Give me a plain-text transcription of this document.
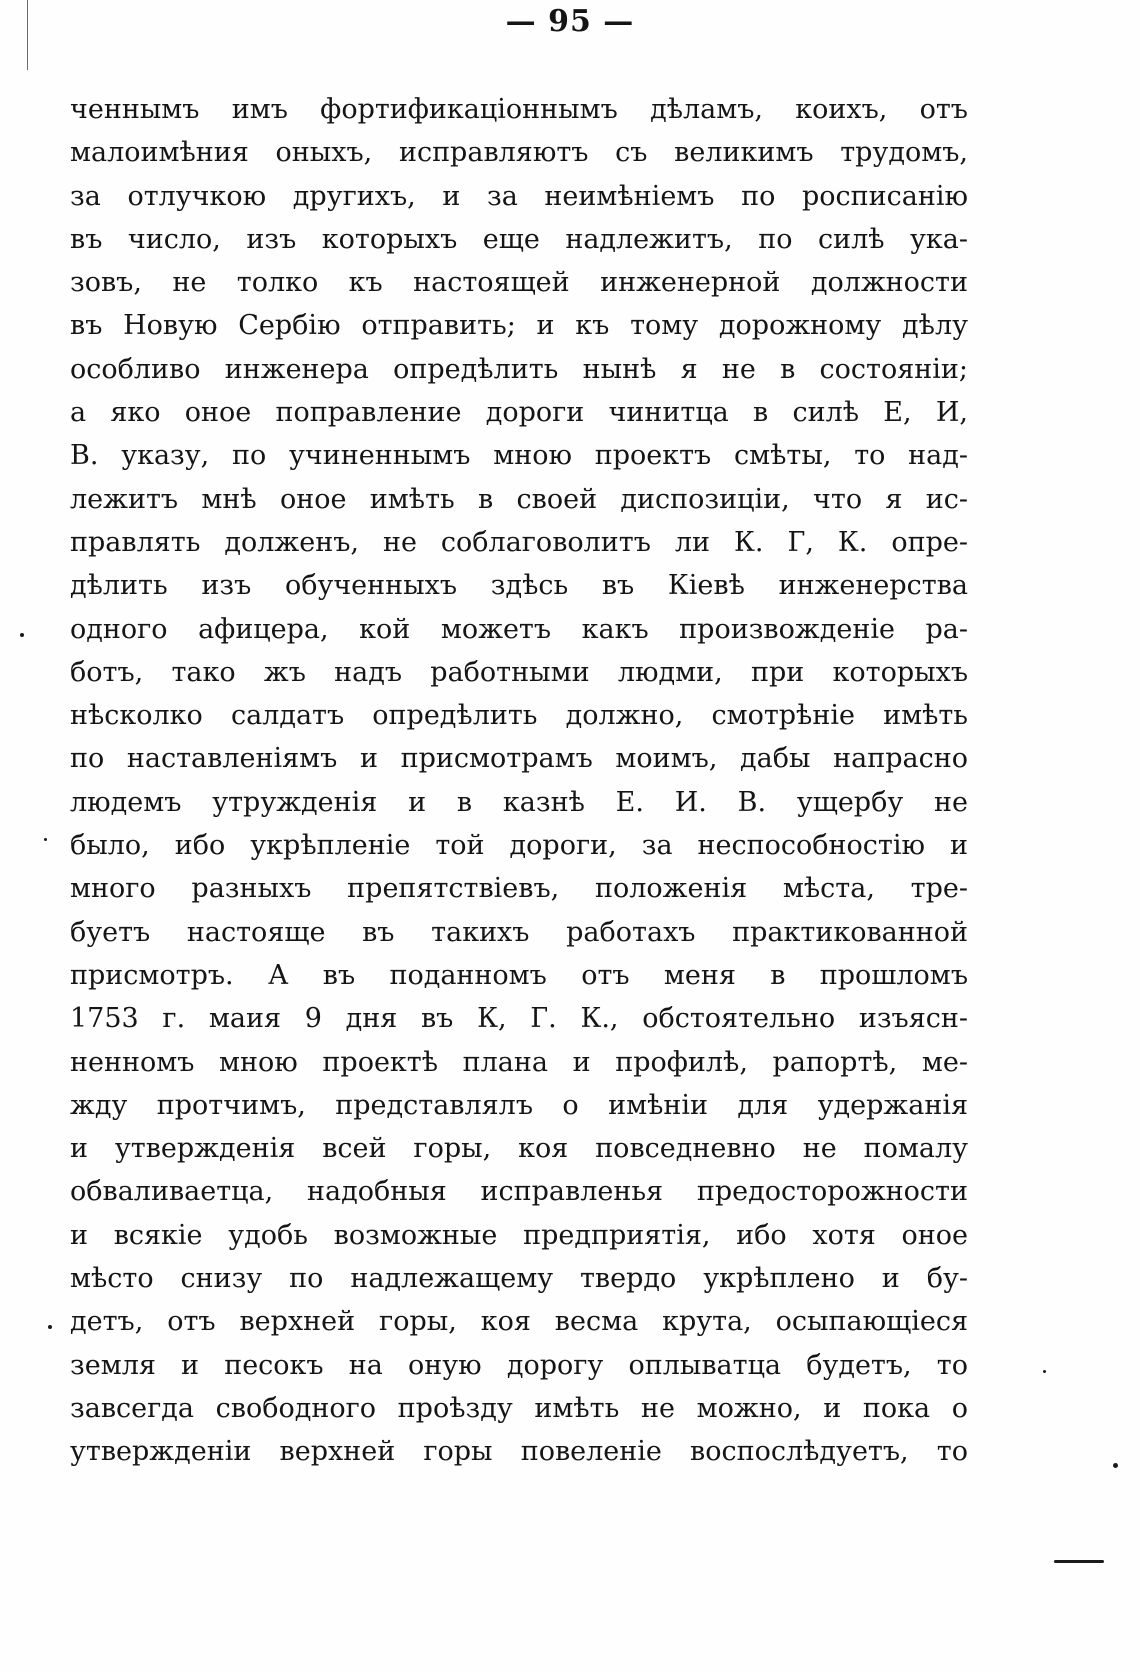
— 95 —
ченнымъ имъ фортификаціоннымъ дѣламъ, коихъ, отъ
малоимѣния оныхъ, исправляютъ съ великимъ трудомъ,
за отлучкою другихъ, и за неимѣніемъ по росписанію
въ число, изъ которыхъ еще надлежитъ, по силѣ ука-
зовъ, не толко къ настоящей инженерной должности
въ Новую Сербію отправить; и къ тому дорожному дѣлу
особливо инженера опредѣлить нынѣ я не в состояніи;
а яко оное поправление дороги чинитца в силѣ Е, И,
В. указу, по учиненнымъ мною проектъ смѣты, то над-
лежитъ мнѣ оное имѣть в своей диспозиціи, что я ис-
правлять долженъ, не соблаговолитъ ли К. Г, К. опре-
дѣлить изъ обученныхъ здѣсь въ Кіевѣ инженерства
одного афицера, кой можетъ какъ произвожденіе ра-
ботъ, тако жъ надъ работными людми, при которыхъ
нѣсколко салдатъ опредѣлить должно, смотрѣніе имѣть
по наставленіямъ и присмотрамъ моимъ, дабы напрасно
людемъ утружденія и в казнѣ Е. И. В. ущербу не
было, ибо укрѣпленіе той дороги, за неспособностію и
много разныхъ препятствіевъ, положенія мѣста, тре-
буетъ настояще въ такихъ работахъ практикованной
присмотръ. А въ поданномъ отъ меня в прошломъ
1753 г. маия 9 дня въ К, Г. К., обстоятельно изъясн-
ненномъ мною проектѣ плана и профилѣ, рапортѣ, ме-
жду протчимъ, представлялъ о имѣніи для удержанія
и утвержденія всей горы, коя повседневно не помалу
обваливаетца, надобныя исправленья предосторожности
и всякіе удобь возможные предприятія, ибо хотя оное
мѣсто снизу по надлежащему твердо укрѣплено и бу-
детъ, отъ верхней горы, коя весма крута, осыпающіеся
земля и песокъ на оную дорогу оплыватца будетъ, то
завсегда свободного проѣзду имѣть не можно, и пока о
утвержденіи верхней горы повеленіе воспослѣдуетъ, то
